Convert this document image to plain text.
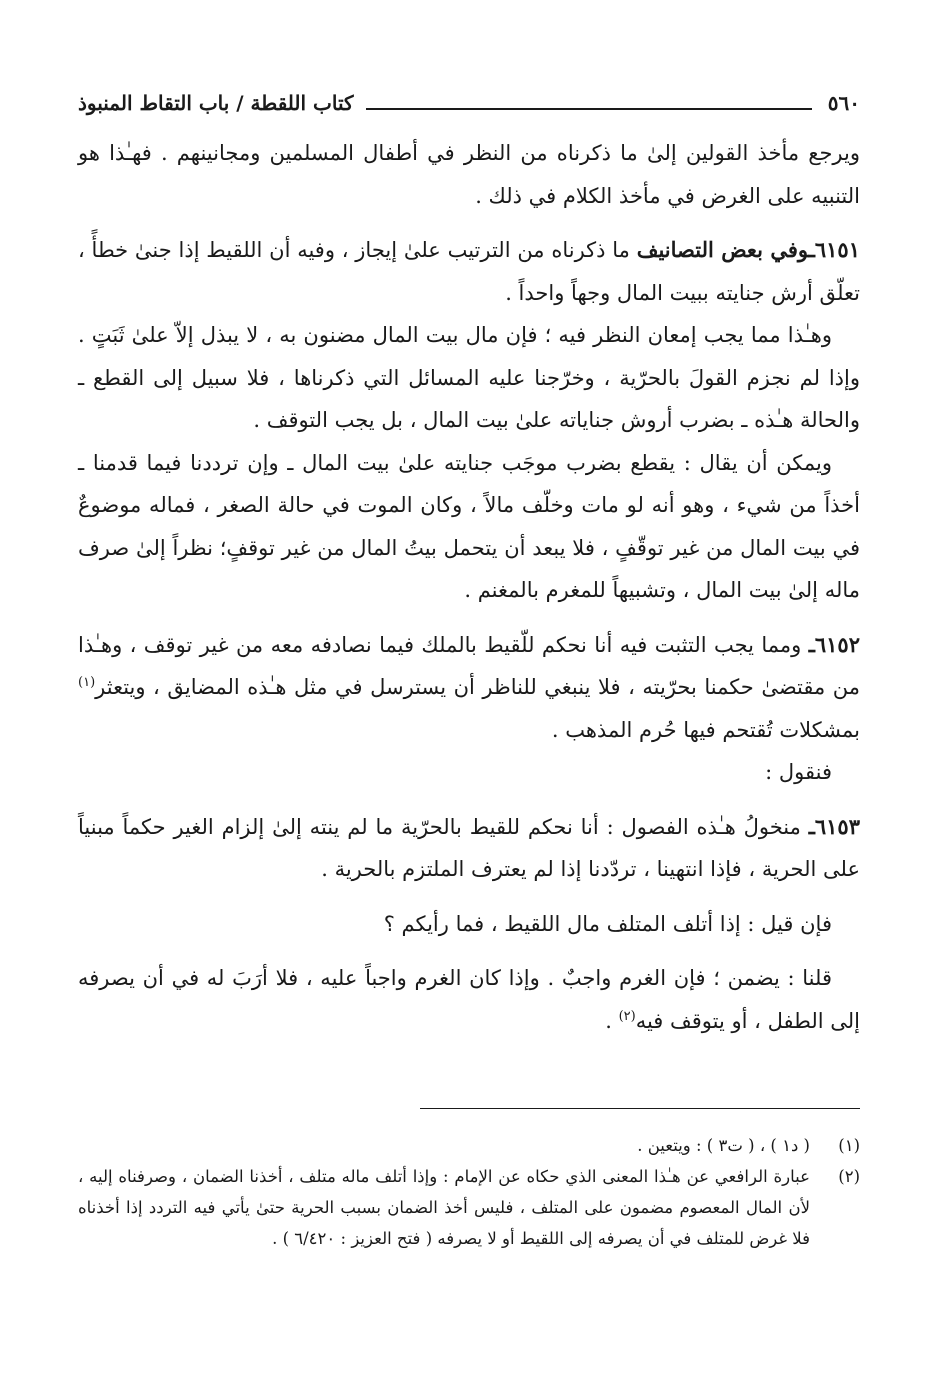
٥٦٠
كتاب اللقطة / باب التقاط المنبوذ

ويرجع مأخذ القولين إلىٰ ما ذكرناه من النظر في أطفال المسلمين ومجانينهم . فهـٰذا هو التنبيه على الغرض في مأخذ الكلام في ذلك .

٦١٥١ـوفي بعض التصانيف ما ذكرناه من الترتيب علىٰ إيجاز ، وفيه أن اللقيط إذا جنىٰ خطأً ، تعلّق أرش جنايته ببيت المال وجهاً واحداً .

وهـٰذا مما يجب إمعان النظر فيه ؛ فإن مال بيت المال مضنون به ، لا يبذل إلاّ علىٰ ثَبَتٍ . وإذا لم نجزم القولَ بالحرّية ، وخرّجنا عليه المسائل التي ذكرناها ، فلا سبيل إلى القطع ـ والحالة هـٰذه ـ بضرب أروش جناياته علىٰ بيت المال ، بل يجب التوقف .

ويمكن أن يقال : يقطع بضرب موجَب جنايته علىٰ بيت المال ـ وإن ترددنا فيما قدمنا ـ أخذاً من شيء ، وهو أنه لو مات وخلّف مالاً ، وكان الموت في حالة الصغر ، فماله موضوعٌ في بيت المال من غير توقّفٍ ، فلا يبعد أن يتحمل بيتُ المال من غير توقفٍ؛ نظراً إلىٰ صرف ماله إلىٰ بيت المال ، وتشبيهاً للمغرم بالمغنم .

٦١٥٢ـ ومما يجب التثبت فيه أنا نحكم للّقيط بالملك فيما نصادفه معه من غير توقف ، وهـٰذا من مقتضىٰ حكمنا بحرّيته ، فلا ينبغي للناظر أن يسترسل في مثل هـٰذه المضايق ، ويتعثر$^{(١)}$ بمشكلات تُقتحم فيها حُرم المذهب .

فنقول :

٦١٥٣ـ منخولُ هـٰذه الفصول : أنا نحكم للقيط بالحرّية ما لم ينته إلىٰ إلزام الغير حكماً مبنياً على الحرية ، فإذا انتهينا ، تردّدنا إذا لم يعترف الملتزم بالحرية .

فإن قيل : إذا أتلف المتلف مال اللقيط ، فما رأيكم ؟

قلنا : يضمن ؛ فإن الغرم واجبٌ . وإذا كان الغرم واجباً عليه ، فلا أرَبَ له في أن يصرفه إلى الطفل ، أو يتوقف فيه$^{(٢)}$ .

(١)
( د١ ) ، ( ت٣ ) : ويتعين .
(٢)
عبارة الرافعي عن هـٰذا المعنى الذي حكاه عن الإمام : وإذا أتلف ماله متلف ، أخذنا الضمان ، وصرفناه إليه ، لأن المال المعصوم مضمون على المتلف ، فليس أخذ الضمان بسبب الحرية حتىٰ يأتي فيه التردد إذا أخذناه فلا غرض للمتلف في أن يصرفه إلى اللقيط أو لا يصرفه ( فتح العزيز : ٦/٤٢٠ ) .
